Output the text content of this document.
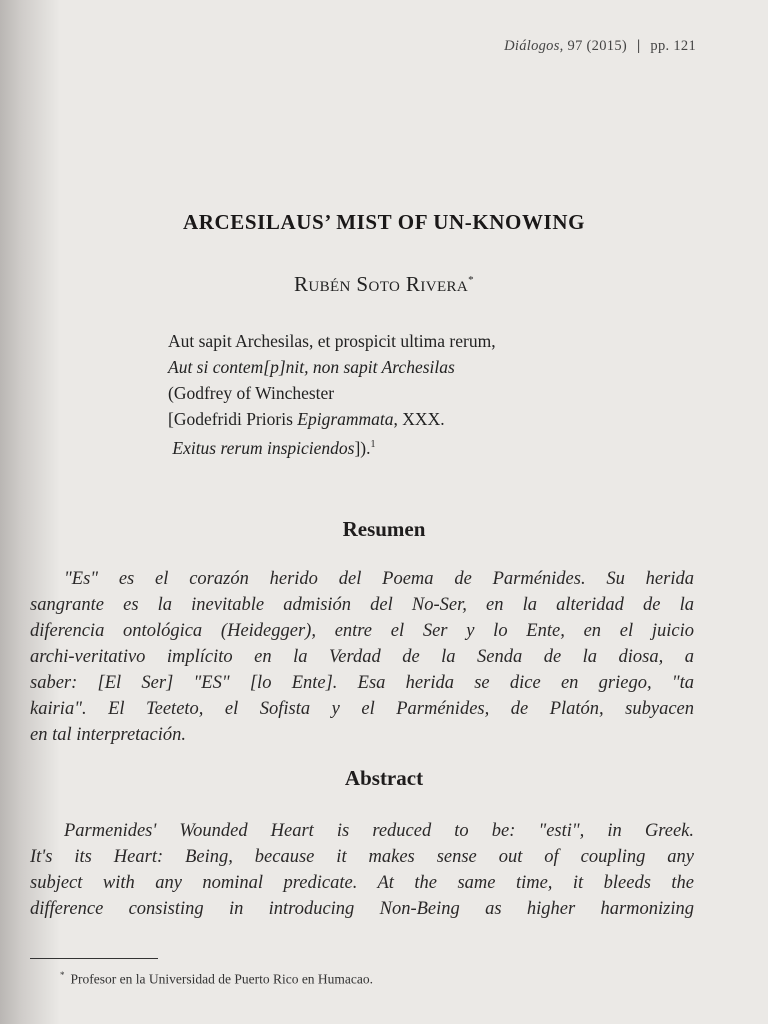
Diálogos, 97 (2015) | pp. 121
ARCESILAUS’ MIST OF UN-KNOWING
Rubén Soto Rivera*
Aut sapit Archesilas, et prospicit ultima rerum,
Aut si contem[p]nit, non sapit Archesilas
(Godfrey of Winchester
[Godefridi Prioris Epigrammata, XXX.
Exitus rerum inspiciendos]).$^1$
Resumen
"Es" es el corazón herido del Poema de Parménides. Su herida
sangrante es la inevitable admisión del No-Ser, en la alteridad de la
diferencia ontológica (Heidegger), entre el Ser y lo Ente, en el juicio
archi-veritativo implícito en la Verdad de la Senda de la diosa, a
saber: [El Ser] "ES" [lo Ente]. Esa herida se dice en griego, "ta
kairia". El Teeteto, el Sofista y el Parménides, de Platón, subyacen
en tal interpretación.
Abstract
Parmenides' Wounded Heart is reduced to be: "esti", in Greek.
It's its Heart: Being, because it makes sense out of coupling any
subject with any nominal predicate. At the same time, it bleeds the
difference consisting in introducing Non-Being as higher harmonizing
* Profesor en la Universidad de Puerto Rico en Humacao.
